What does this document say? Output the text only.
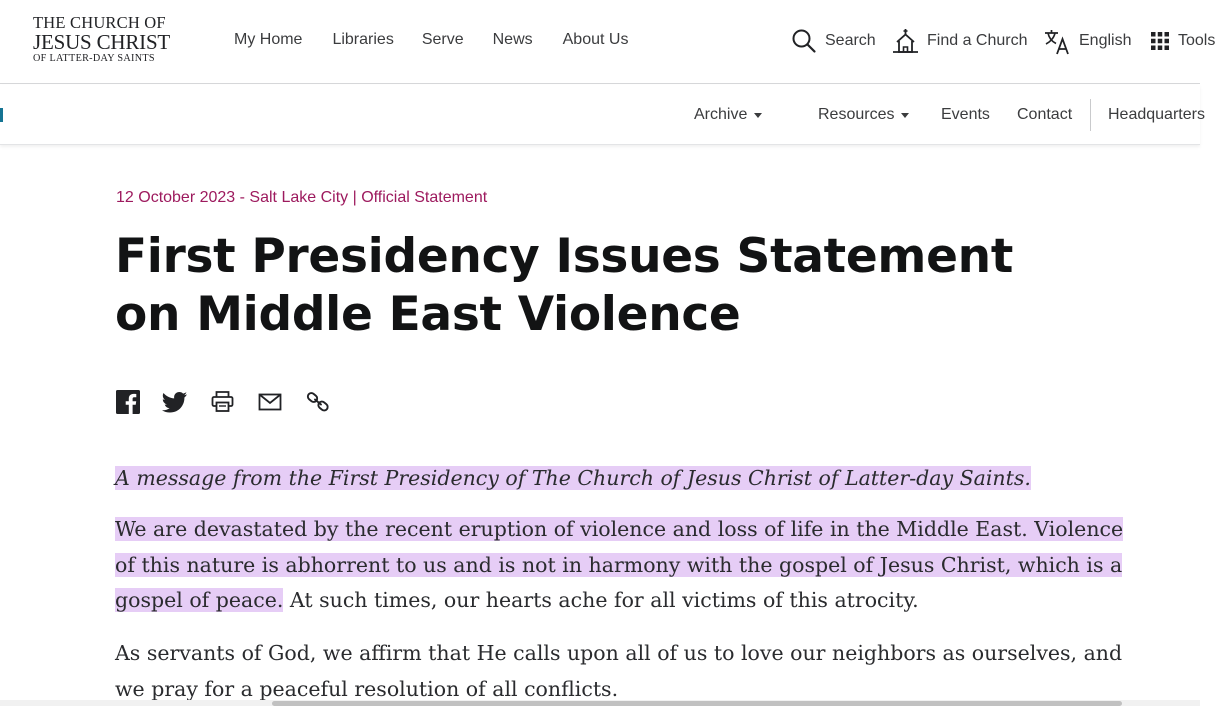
THE CHURCH OF
JESUS CHRIST
OF LATTER-DAY SAINTS
My Home Libraries Serve News About Us	Search	Find a Church	English	Tools
Archive	Resources	Events Contact Headquarters
12 October 2023 - Salt Lake City | Official Statement
First Presidency Issues Statement on Middle East Violence

A message from the First Presidency of The Church of Jesus Christ of Latter-day Saints.

We are devastated by the recent eruption of violence and loss of life in the Middle East. Violence of this nature is abhorrent to us and is not in harmony with the gospel of Jesus Christ, which is a gospel of peace. At such times, our hearts ache for all victims of this atrocity.

As servants of God, we affirm that He calls upon all of us to love our neighbors as ourselves, and we pray for a peaceful resolution of all conflicts.
